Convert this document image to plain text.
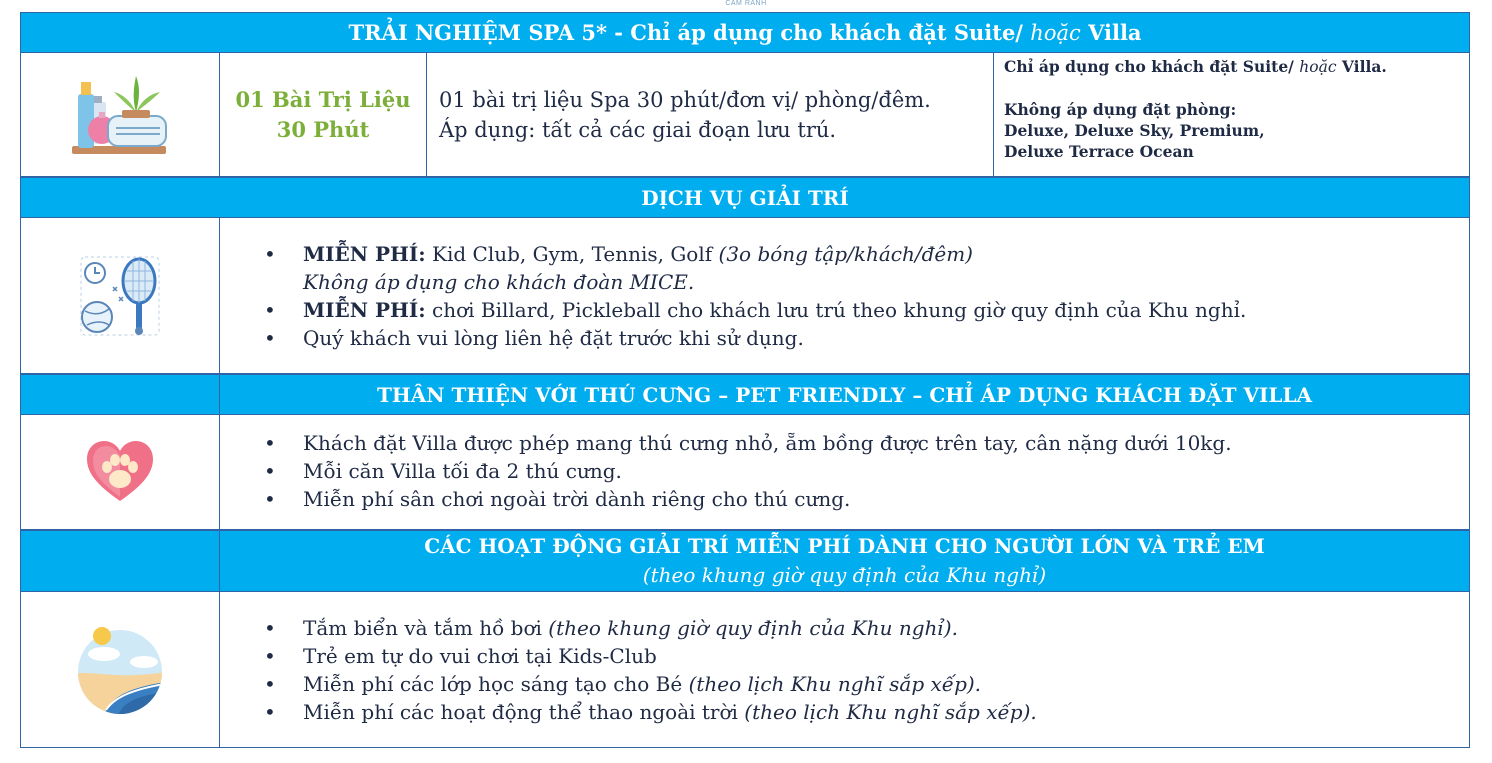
CAM RANH
TRẢI NGHIỆM SPA 5* - Chỉ áp dụng cho khách đặt Suite/ hoặc Villa
01 Bài Trị Liệu
30 Phút
01 bài trị liệu Spa 30 phút/đơn vị/ phòng/đêm.
Áp dụng: tất cả các giai đoạn lưu trú.
Chỉ áp dụng cho khách đặt Suite/ hoặc Villa.
Không áp dụng đặt phòng:
Deluxe, Deluxe Sky, Premium,
Deluxe Terrace Ocean
DỊCH VỤ GIẢI TRÍ
• MIỄN PHÍ: Kid Club, Gym, Tennis, Golf (3o bóng tập/khách/đêm)
Không áp dụng cho khách đoàn MICE.
• MIỄN PHÍ: chơi Billard, Pickleball cho khách lưu trú theo khung giờ quy định của Khu nghỉ.
• Quý khách vui lòng liên hệ đặt trước khi sử dụng.
THÂN THIỆN VỚI THÚ CƯNG – PET FRIENDLY – CHỈ ÁP DỤNG KHÁCH ĐẶT VILLA
• Khách đặt Villa được phép mang thú cưng nhỏ, ẵm bồng được trên tay, cân nặng dưới 10kg.
• Mỗi căn Villa tối đa 2 thú cưng.
• Miễn phí sân chơi ngoài trời dành riêng cho thú cưng.
CÁC HOẠT ĐỘNG GIẢI TRÍ MIỄN PHÍ DÀNH CHO NGƯỜI LỚN VÀ TRẺ EM
(theo khung giờ quy định của Khu nghỉ)
• Tắm biển và tắm hồ bơi (theo khung giờ quy định của Khu nghỉ).
• Trẻ em tự do vui chơi tại Kids-Club
• Miễn phí các lớp học sáng tạo cho Bé (theo lịch Khu nghĩ sắp xếp).
• Miễn phí các hoạt động thể thao ngoài trời (theo lịch Khu nghĩ sắp xếp).
